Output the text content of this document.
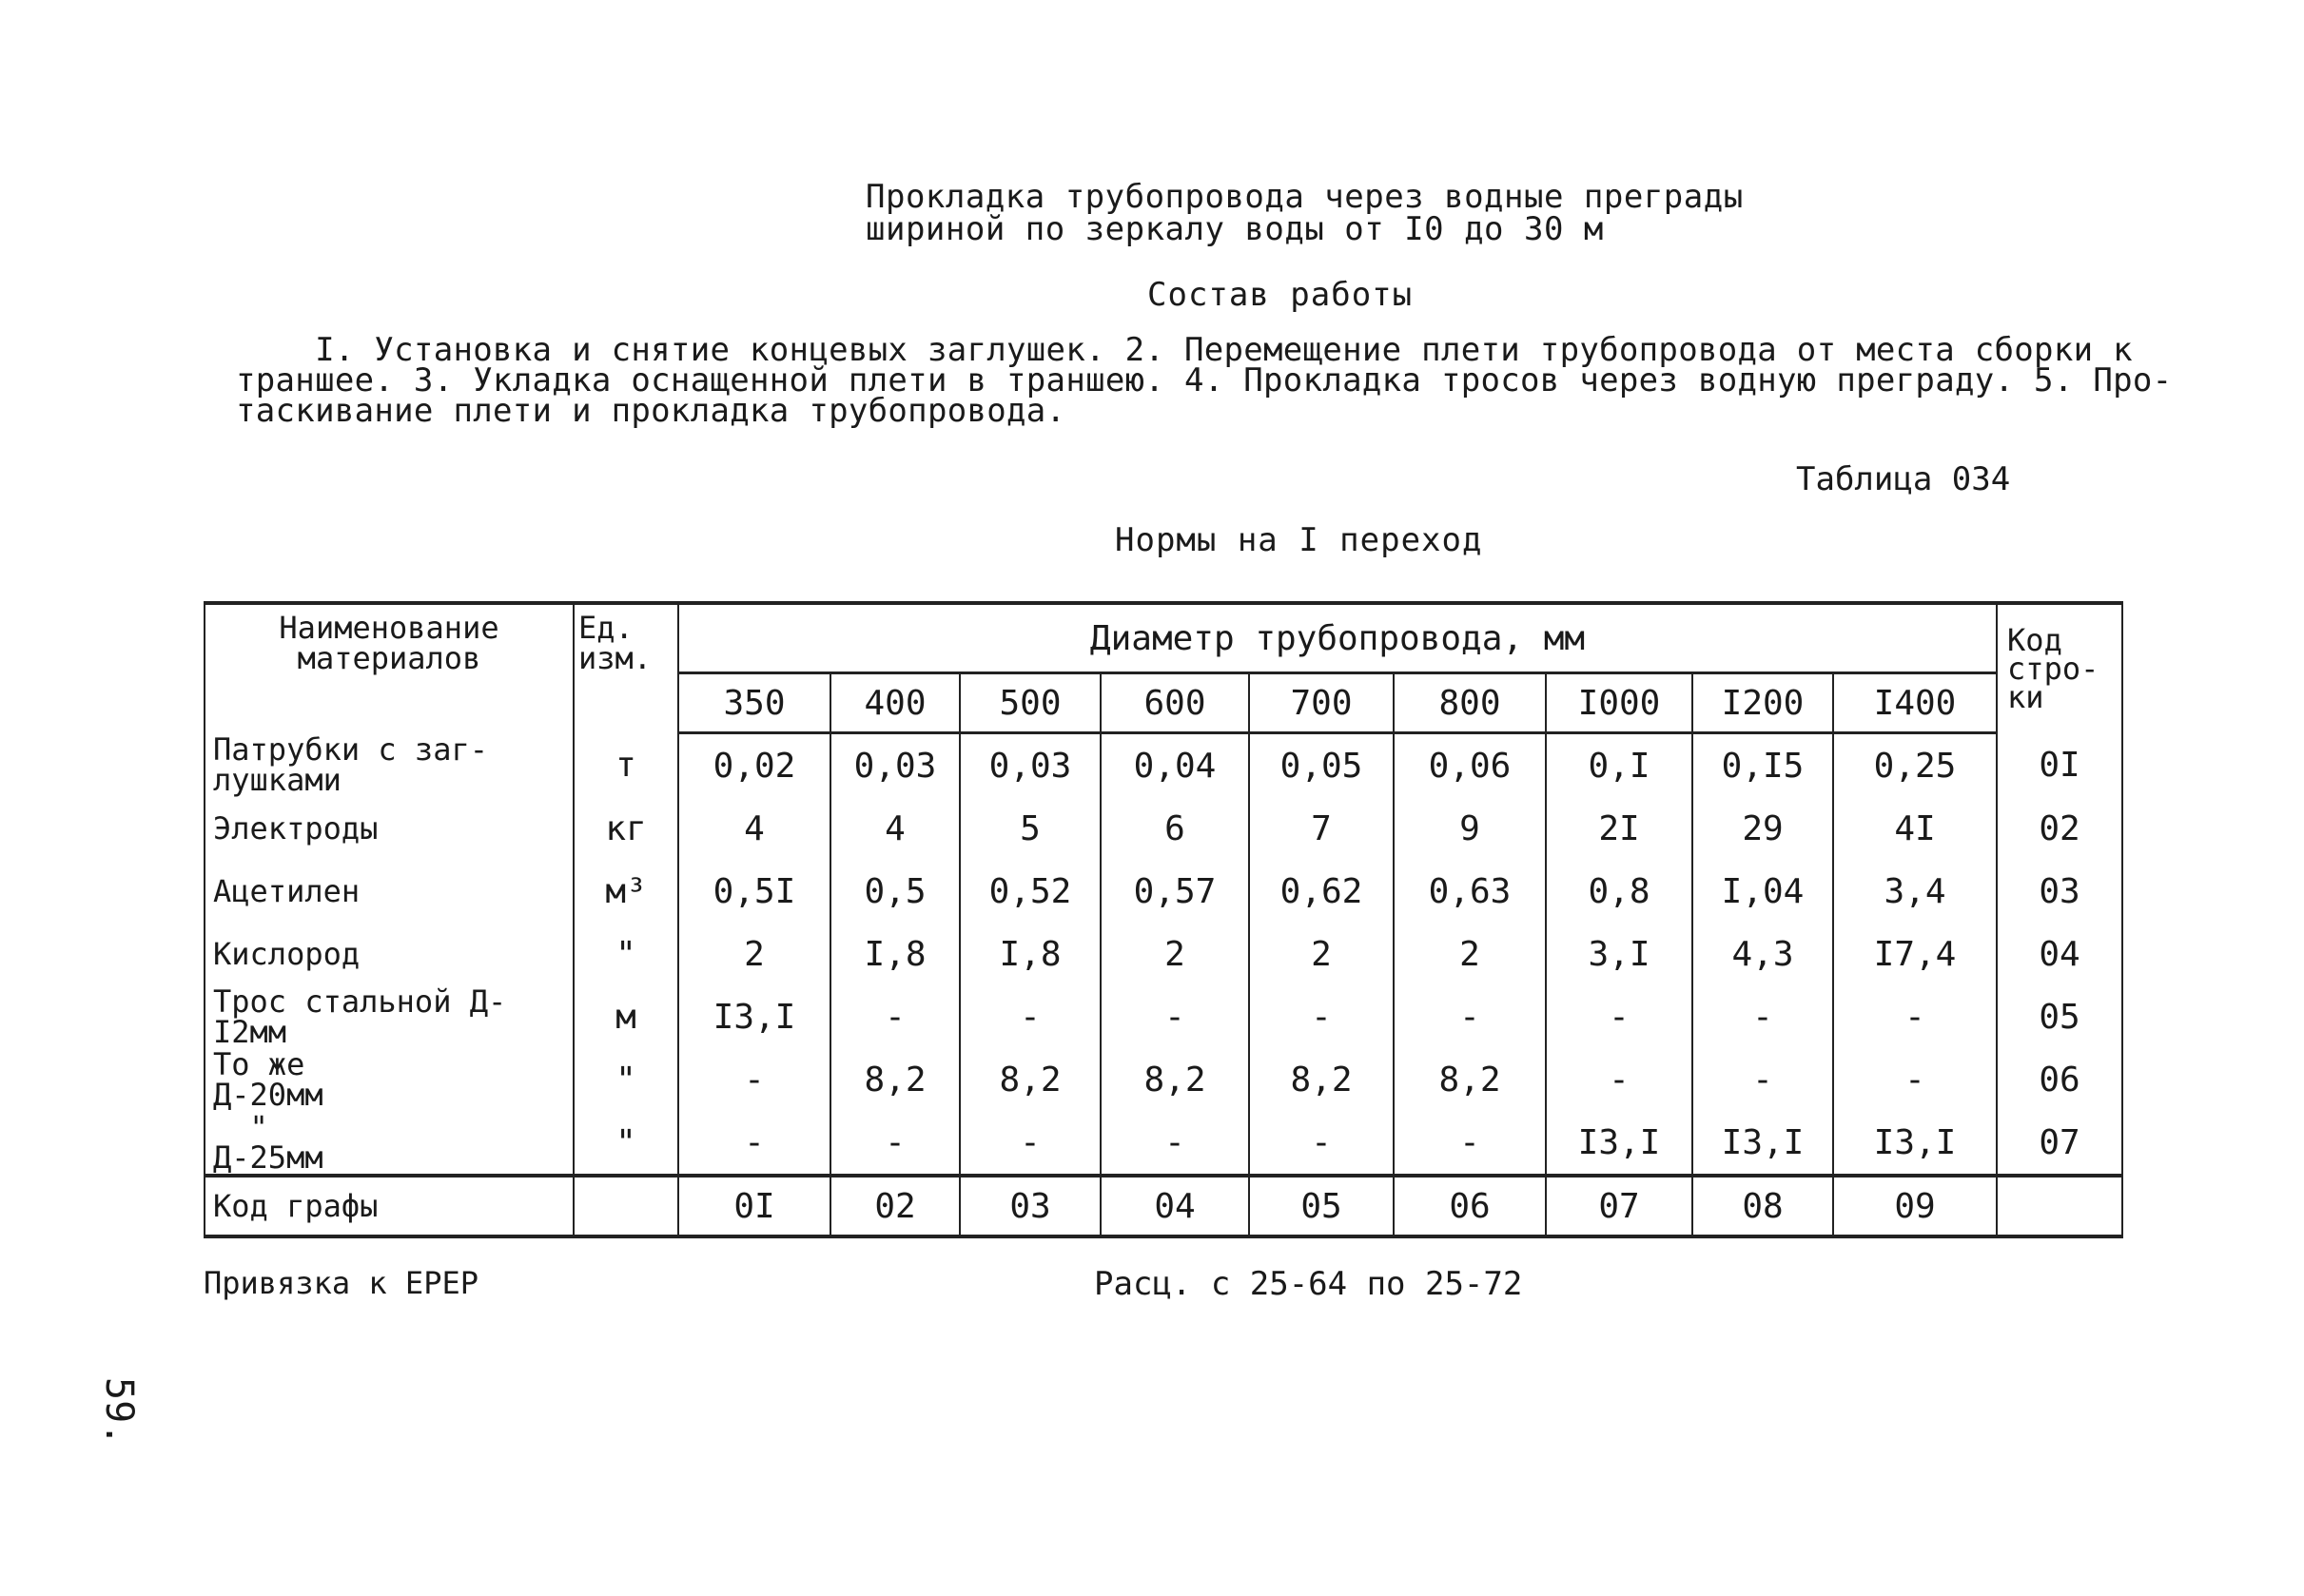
Прокладка трубопровода через водные преграды
шириной по зеркалу воды от I0 до 30 м
Состав работы
I. Установка и снятие концевых заглушек. 2. Перемещение плети трубопровода от места сборки к
траншее. 3. Укладка оснащенной плети в траншею. 4. Прокладка тросов через водную преграду. 5. Про-
таскивание плети и прокладка трубопровода.
Таблица 034
Нормы на I переход
Наименование материалов	Ед. изм.	Диаметр трубопровода, мм									Код стро-ки
		350	400	500	600	700	800	I000	I200	I400	
Патрубки с заг-лушками	т	0,02	0,03	0,03	0,04	0,05	0,06	0,I	0,I5	0,25	0I
Электроды	кг	4	4	5	6	7	9	2I	29	4I	02
Ацетилен	м³	0,5I	0,5	0,52	0,57	0,62	0,63	0,8	I,04	3,4	03
Кислород	"	2	I,8	I,8	2	2	2	3,I	4,3	I7,4	04
Трос стальной Д-I2мм	м	I3,I	-	-	-	-	-	-	-	-	05
То же            Д-20мм	"	-	8,2	8,2	8,2	8,2	8,2	-	-	-	06
"              Д-25мм	"	-	-	-	-	-	-	I3,I	I3,I	I3,I	07
Код графы		0I	02	03	04	05	06	07	08	09	
Привязка к ЕРЕР	Расц. с 25-64 по 25-72
59.
